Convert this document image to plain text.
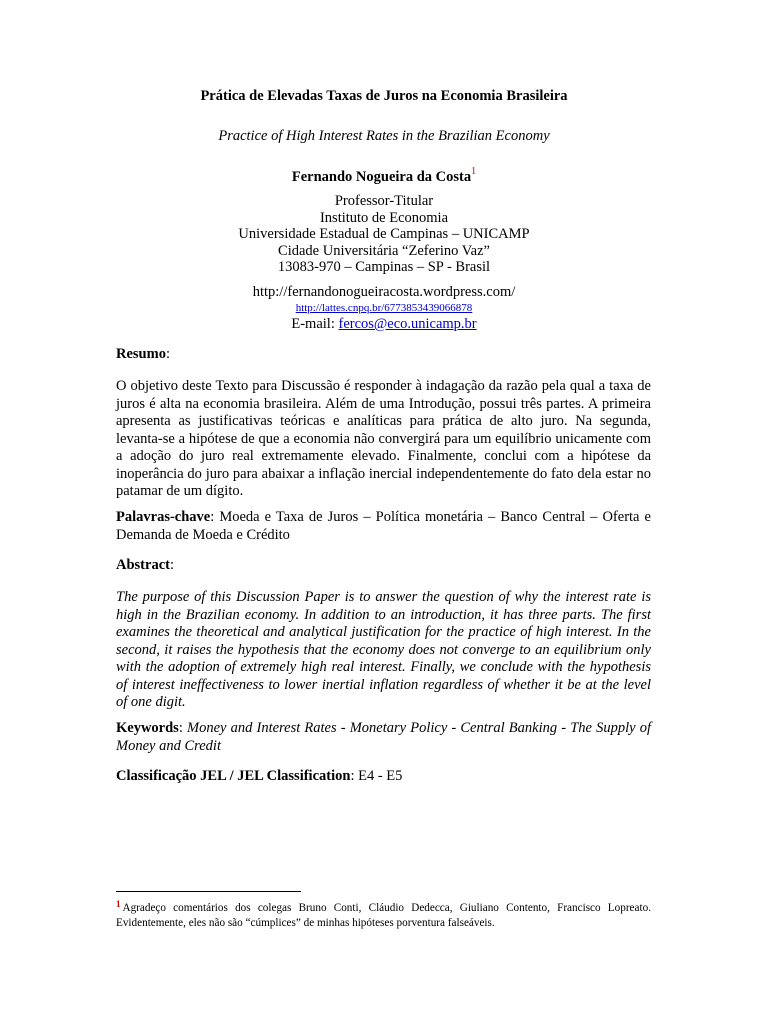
Prática de Elevadas Taxas de Juros na Economia Brasileira
Practice of High Interest Rates in the Brazilian Economy
Fernando Nogueira da Costa$^1$
Professor-Titular
Instituto de Economia
Universidade Estadual de Campinas – UNICAMP
Cidade Universitária “Zeferino Vaz”
13083-970 – Campinas – SP - Brasil
http://fernandonogueiracosta.wordpress.com/
http://lattes.cnpq.br/6773853439066878
E-mail: fercos@eco.unicamp.br
Resumo:
O objetivo deste Texto para Discussão é responder à indagação da razão pela qual a taxa de juros é alta na economia brasileira. Além de uma Introdução, possui três partes. A primeira apresenta as justificativas teóricas e analíticas para prática de alto juro. Na segunda, levanta-se a hipótese de que a economia não convergirá para um equilíbrio unicamente com a adoção do juro real extremamente elevado. Finalmente, conclui com a hipótese da inoperância do juro para abaixar a inflação inercial independentemente do fato dela estar no patamar de um dígito.
Palavras-chave: Moeda e Taxa de Juros – Política monetária – Banco Central – Oferta e Demanda de Moeda e Crédito
Abstract:
The purpose of this Discussion Paper is to answer the question of why the interest rate is high in the Brazilian economy. In addition to an introduction, it has three parts. The first examines the theoretical and analytical justification for the practice of high interest. In the second, it raises the hypothesis that the economy does not converge to an equilibrium only with the adoption of extremely high real interest. Finally, we conclude with the hypothesis of interest ineffectiveness to lower inertial inflation regardless of whether it be at the level of one digit.
Keywords: Money and Interest Rates - Monetary Policy - Central Banking - The Supply of Money and Credit
Classificação JEL / JEL Classification: E4 - E5
$^1$ Agradeço comentários dos colegas Bruno Conti, Cláudio Dedecca, Giuliano Contento, Francisco Lopreato. Evidentemente, eles não são “cúmplices” de minhas hipóteses porventura falseáveis.
